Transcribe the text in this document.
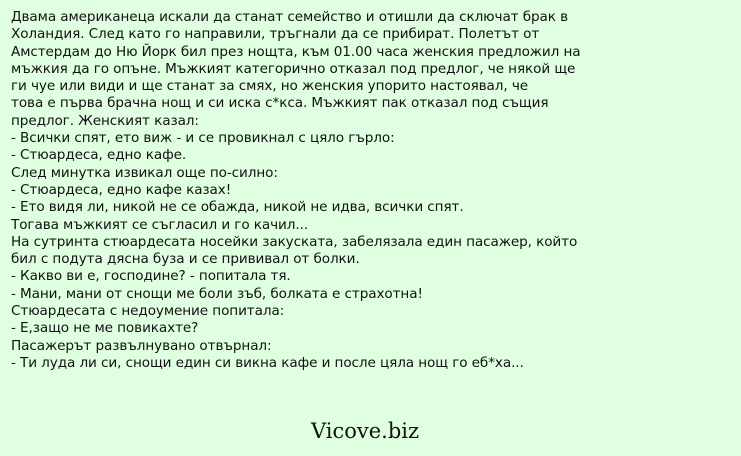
Двама американеца искали да станат семейство и отишли да сключат брак в
Холандия. След като го направили, тръгнали да се прибират. Полетът от
Амстердам до Ню Йорк бил през нощта, към 01.00 часа женския предложил на
мъжкия да го опъне. Мъжкият категорично отказал под предлог, че някой ще
ги чуе или види и ще станат за смях, но женския упорито настоявал, че
това е първа брачна нощ и си иска с*кса. Мъжкият пак отказал под същия
предлог. Женският казал:
- Всички спят, ето виж - и се провикнал с цяло гърло:
- Стюардеса, едно кафе.
След минутка извикал още по-силно:
- Стюардеса, едно кафе казах!
- Ето видя ли, никой не се обажда, никой не идва, всички спят.
Тогава мъжкият се съгласил и го качил...
На сутринта стюардесата носейки закуската, забелязала един пасажер, който
бил с подута дясна буза и се прививал от болки.
- Какво ви е, господине? - попитала тя.
- Мани, мани от снощи ме боли зъб, болката е страхотна!
Стюардесата с недоумение попитала:
- Е,защо не ме повикахте?
Пасажерът развълнувано отвърнал:
- Ти луда ли си, снощи един си викна кафе и после цяла нощ го еб*ха...
Vicove.biz
